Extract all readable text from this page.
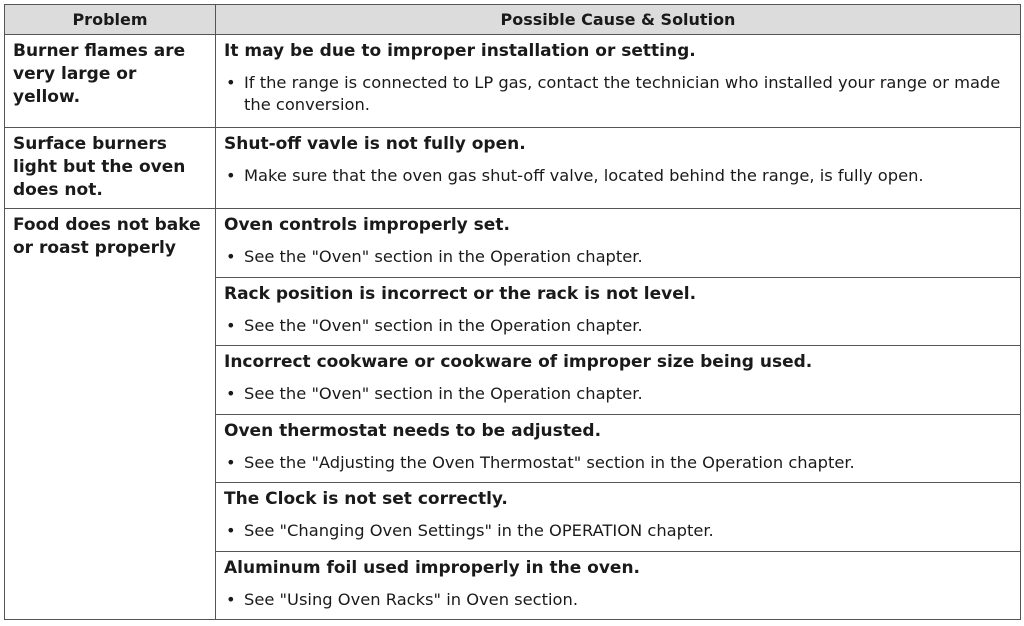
Problem	Possible Cause & Solution
Burner flames are very large or yellow.	It may be due to improper installation or setting.

• If the range is connected to LP gas, contact the technician who installed your range or made the conversion.

Surface burners light but the oven does not.	Shut-off vavle is not fully open.

• Make sure that the oven gas shut-off valve, located behind the range, is fully open.

Food does not bake or roast properly	Oven controls improperly set.

• See the "Oven" section in the Operation chapter.

	Rack position is incorrect or the rack is not level.

• See the "Oven" section in the Operation chapter.

	Incorrect cookware or cookware of improper size being used.

• See the "Oven" section in the Operation chapter.

	Oven thermostat needs to be adjusted.

• See the "Adjusting the Oven Thermostat" section in the Operation chapter.

	The Clock is not set correctly.

• See "Changing Oven Settings" in the OPERATION chapter.

	Aluminum foil used improperly in the oven.

• See "Using Oven Racks" in Oven section.
